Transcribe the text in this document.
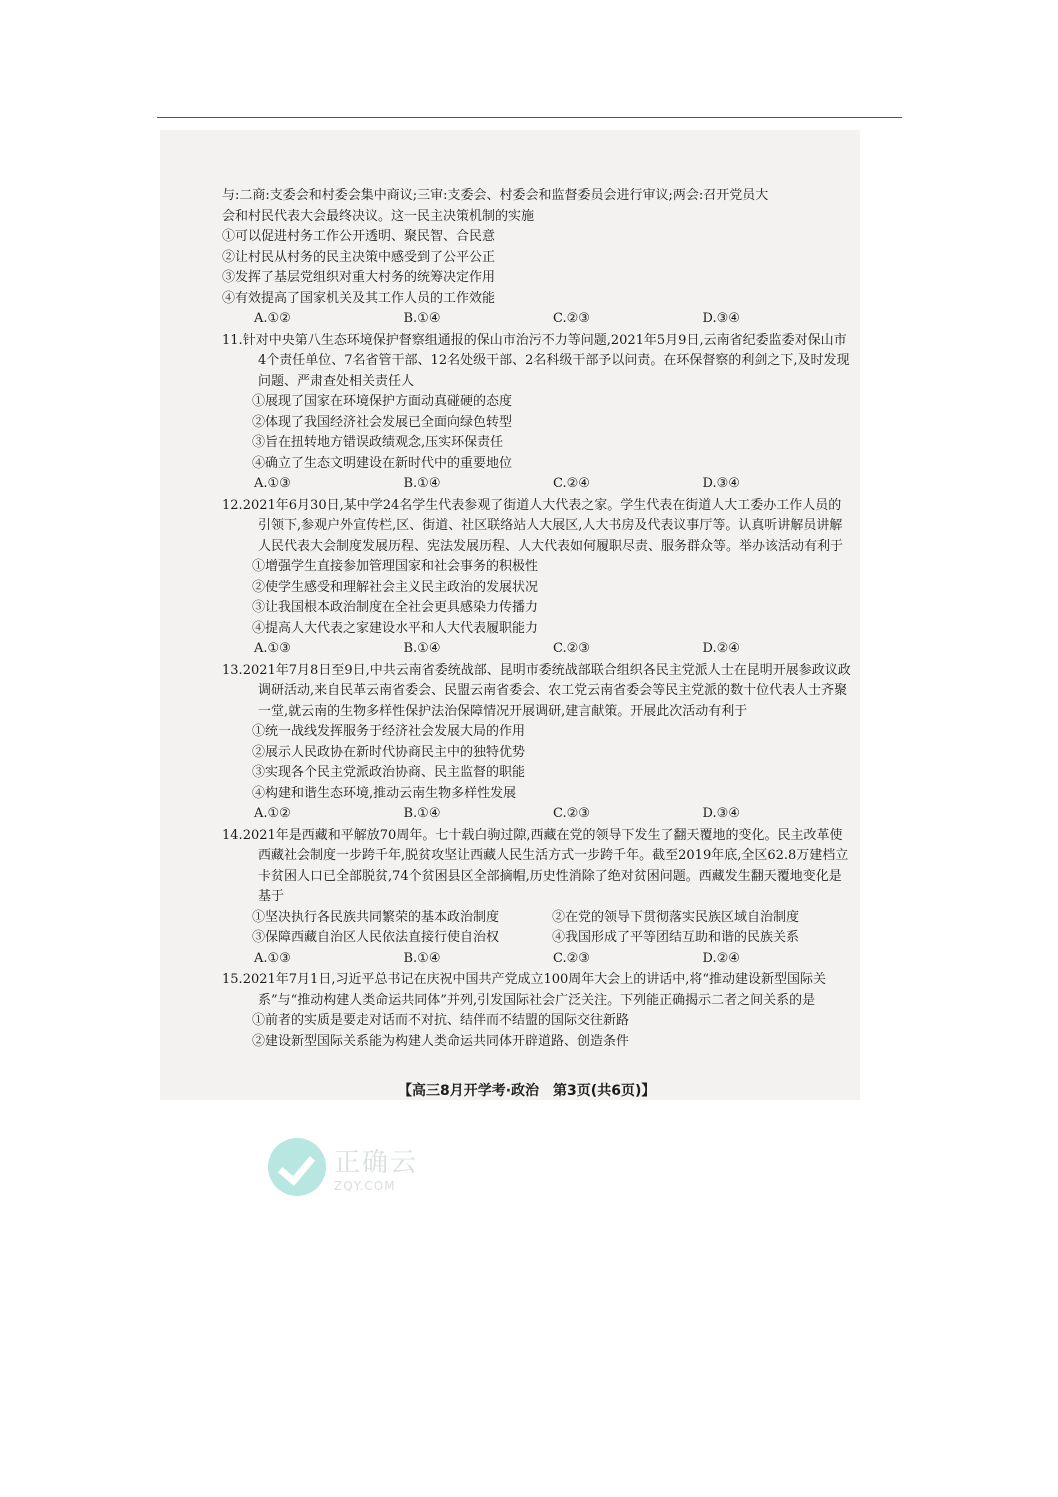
与:二商:支委会和村委会集中商议;三审:支委会、村委会和监督委员会进行审议;两会:召开党员大
会和村民代表大会最终决议。这一民主决策机制的实施
①可以促进村务工作公开透明、聚民智、合民意
②让村民从村务的民主决策中感受到了公平公正
③发挥了基层党组织对重大村务的统筹决定作用
④有效提高了国家机关及其工作人员的工作效能
A.①②	B.①④	C.②③	D.③④
11.针对中央第八生态环境保护督察组通报的保山市治污不力等问题,2021年5月9日,云南省纪委监委对保山市4个责任单位、7名省管干部、12名处级干部、2名科级干部予以问责。在环保督察的利剑之下,及时发现问题、严肃查处相关责任人
①展现了国家在环境保护方面动真碰硬的态度
②体现了我国经济社会发展已全面向绿色转型
③旨在扭转地方错误政绩观念,压实环保责任
④确立了生态文明建设在新时代中的重要地位
A.①③	B.①④	C.②④	D.③④
12.2021年6月30日,某中学24名学生代表参观了街道人大代表之家。学生代表在街道人大工委办工作人员的引领下,参观户外宣传栏,区、街道、社区联络站人大展区,人大书房及代表议事厅等。认真听讲解员讲解人民代表大会制度发展历程、宪法发展历程、人大代表如何履职尽责、服务群众等。举办该活动有利于
①增强学生直接参加管理国家和社会事务的积极性
②使学生感受和理解社会主义民主政治的发展状况
③让我国根本政治制度在全社会更具感染力传播力
④提高人大代表之家建设水平和人大代表履职能力
A.①③	B.①④	C.②③	D.②④
13.2021年7月8日至9日,中共云南省委统战部、昆明市委统战部联合组织各民主党派人士在昆明开展参政议政调研活动,来自民革云南省委会、民盟云南省委会、农工党云南省委会等民主党派的数十位代表人士齐聚一堂,就云南的生物多样性保护法治保障情况开展调研,建言献策。开展此次活动有利于
①统一战线发挥服务于经济社会发展大局的作用
②展示人民政协在新时代协商民主中的独特优势
③实现各个民主党派政治协商、民主监督的职能
④构建和谐生态环境,推动云南生物多样性发展
A.①②	B.①④	C.②③	D.③④
14.2021年是西藏和平解放70周年。七十载白驹过隙,西藏在党的领导下发生了翻天覆地的变化。民主改革使西藏社会制度一步跨千年,脱贫攻坚让西藏人民生活方式一步跨千年。截至2019年底,全区62.8万建档立卡贫困人口已全部脱贫,74个贫困县区全部摘帽,历史性消除了绝对贫困问题。西藏发生翻天覆地变化是基于
①坚决执行各民族共同繁荣的基本政治制度	②在党的领导下贯彻落实民族区域自治制度
③保障西藏自治区人民依法直接行使自治权	④我国形成了平等团结互助和谐的民族关系
A.①③	B.①④	C.②③	D.②④
15.2021年7月1日,习近平总书记在庆祝中国共产党成立100周年大会上的讲话中,将“推动建设新型国际关系”与“推动构建人类命运共同体”并列,引发国际社会广泛关注。下列能正确揭示二者之间关系的是
①前者的实质是要走对话而不对抗、结伴而不结盟的国际交往新路
②建设新型国际关系能为构建人类命运共同体开辟道路、创造条件
【高三8月开学考·政治　第3页(共6页)】
正确云
ZQY.COM
